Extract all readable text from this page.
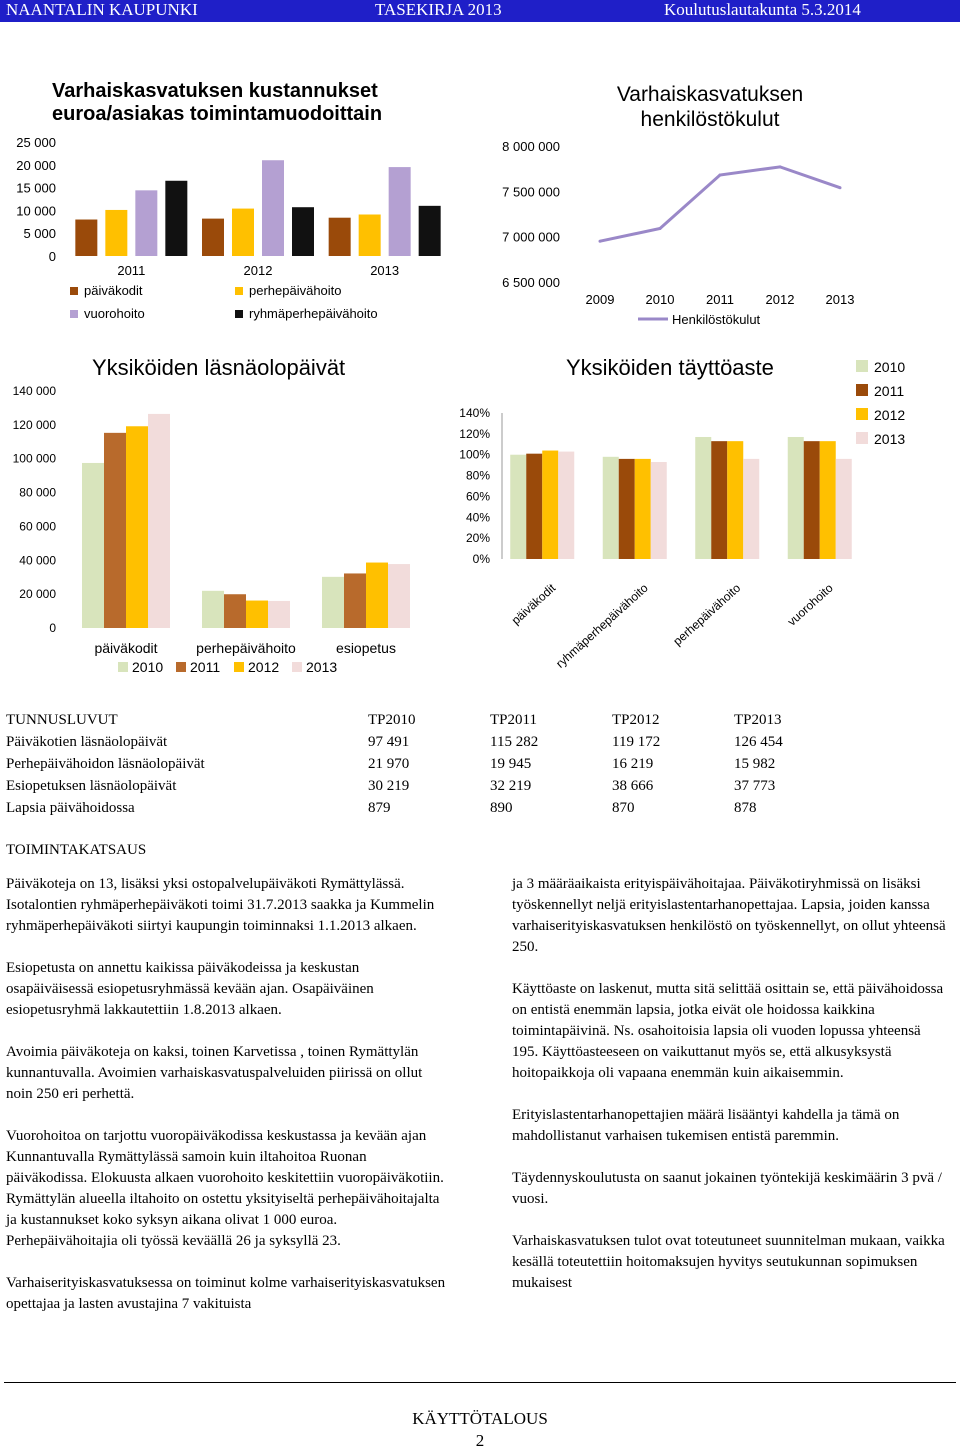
NAANTALIN KAUPUNKI	TASEKIRJA 2013	Koulutuslautakunta 5.3.2014
Varhaiskasvatuksen kustannukset euroa/asiakas toimintamuodoittain
0
5 000
10 000
15 000
20 000
25 000
2011	2012	2013
päiväkodit	perhepäivähoito
vuorohoito	ryhmäperhepäivähoito
Varhaiskasvatuksen henkilöstökulut
6 500 000
7 000 000
7 500 000
8 000 000
2009 2010 2011 2012 2013
Henkilöstökulut
Yksiköiden läsnäolopäivät
0
20 000
40 000
60 000
80 000
100 000
120 000
140 000
päiväkodit	perhepäivähoito	esiopetus
2010 2011 2012 2013
Yksiköiden täyttöaste
0%
20%
40%
60%
80%
100%
120%
140%
päiväkodit
ryhmäperhepäivähoito perhepäivähoito	vuorohoito
2010
2011
2012
2013
TUNNUSLUVUT	TP2010	TP2011	TP2012	TP2013
Päiväkotien läsnäolopäivät	97 491	115 282	119 172	126 454
Perhepäivähoidon läsnäolopäivät	21 970	19 945	16 219	15 982
Esiopetuksen läsnäolopäivät	30 219	32 219	38 666	37 773
Lapsia päivähoidossa	879	890	870	878
TOIMINTAKATSAUS

Päiväkoteja on 13, lisäksi yksi ostopalvelupäiväkoti Rymättylässä. Isotalontien ryhmäperhepäiväkoti toimi 31.7.2013 saakka ja Kummelin ryhmäperhepäiväkoti siirtyi kaupungin toiminnaksi 1.1.2013 alkaen.

Esiopetusta on annettu kaikissa päiväkodeissa ja keskustan osapäiväisessä esiopetusryhmässä kevään ajan. Osapäiväinen esiopetusryhmä lakkautettiin 1.8.2013 alkaen.

Avoimia päiväkoteja on kaksi, toinen Karvetissa , toinen Rymättylän kunnantuvalla. Avoimien varhaiskasvatuspalveluiden piirissä on ollut noin 250 eri perhettä.

Vuorohoitoa on tarjottu vuoropäiväkodissa keskustassa ja kevään ajan Kunnantuvalla Rymättylässä samoin kuin iltahoitoa Ruonan päiväkodissa. Elokuusta alkaen vuorohoito keskitettiin vuoropäiväkotiin. Rymättylän alueella iltahoito on ostettu yksityiseltä perhepäivähoitajalta ja kustannukset koko syksyn aikana olivat 1 000 euroa. Perhepäivähoitajia oli työssä keväällä 26 ja syksyllä 23.

Varhaiserityiskasvatuksessa on toiminut kolme varhaiserityiskasvatuksen opettajaa ja lasten avustajina 7 vakituista

ja 3 määräaikaista erityispäivähoitajaa. Päiväkotiryhmissä on lisäksi työskennellyt neljä erityislastentarhanopettajaa. Lapsia, joiden kanssa varhaiserityiskasvatuksen henkilöstö on työskennellyt, on ollut yhteensä 250.

Käyttöaste on laskenut, mutta sitä selittää osittain se, että päivähoidossa on entistä enemmän lapsia, jotka eivät ole hoidossa kaikkina toimintapäivinä. Ns. osahoitoisia lapsia oli vuoden lopussa yhteensä 195. Käyttöasteeseen on vaikuttanut myös se, että alkusyksystä hoitopaikkoja oli vapaana enemmän kuin aikaisemmin.

Erityislastentarhanopettajien määrä lisääntyi kahdella ja tämä on mahdollistanut varhaisen tukemisen entistä paremmin.

Täydennyskoulutusta on saanut jokainen työntekijä keskimäärin 3 pvä / vuosi.

Varhaiskasvatuksen tulot ovat toteutuneet suunnitelman mukaan, vaikka kesällä toteutettiin hoitomaksujen hyvitys seutukunnan sopimuksen mukaisest

KÄYTTÖTALOUS
2
